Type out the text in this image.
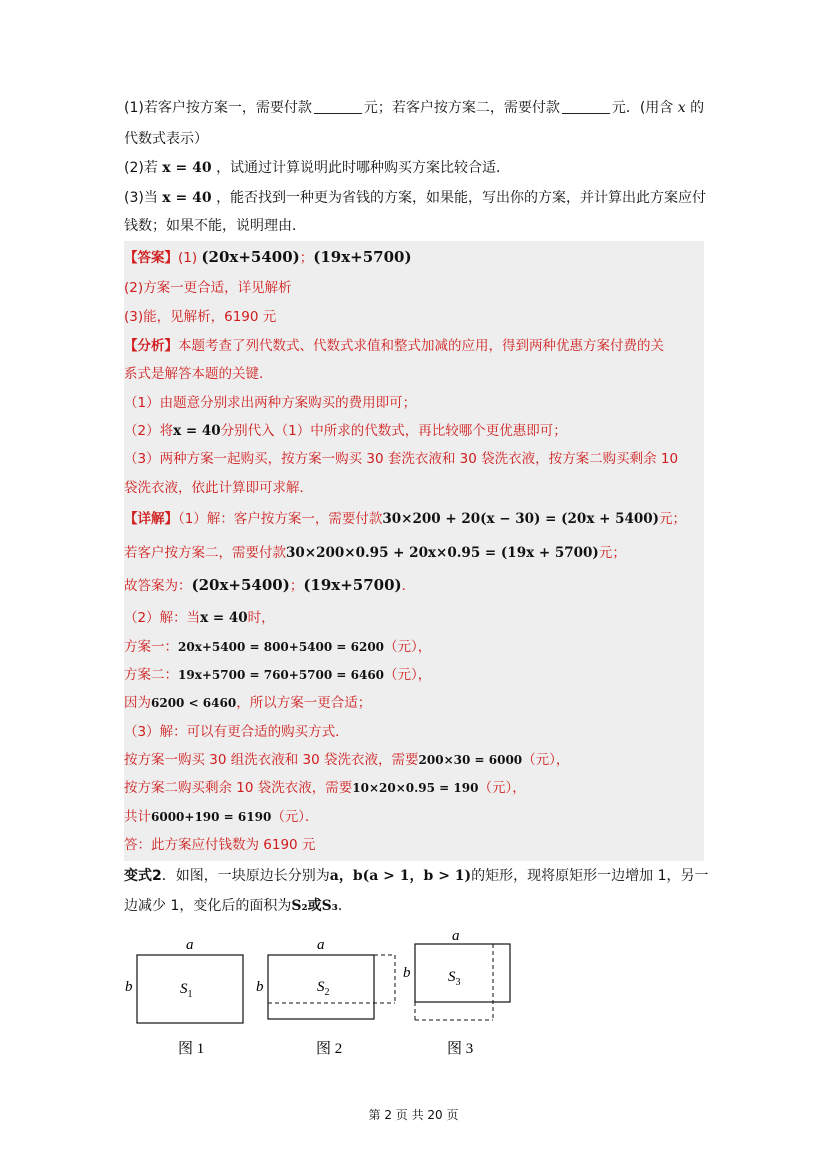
(1)若客户按方案一，需要付款	元；若客户按方案二，需要付款	元．(用含 x 的
代数式表示）
(2)若 x = 40 ，试通过计算说明此时哪种购买方案比较合适．
(3)当 x = 40 ，能否找到一种更为省钱的方案，如果能，写出你的方案，并计算出此方案应付
钱数；如果不能，说明理由．
【答案】(1) (20x+5400)；(19x+5700)
(2)方案一更合适，详见解析
(3)能，见解析，6190 元
【分析】本题考查了列代数式、代数式求值和整式加减的应用，得到两种优惠方案付费的关
系式是解答本题的关键．
（1）由题意分别求出两种方案购买的费用即可；
（2）将x = 40分别代入（1）中所求的代数式，再比较哪个更优惠即可；
（3）两种方案一起购买，按方案一购买 30 套洗衣液和 30 袋洗衣液，按方案二购买剩余 10
袋洗衣液，依此计算即可求解．
【详解】（1）解：客户按方案一，需要付款30×200 + 20(x − 30) = (20x + 5400)元；
若客户按方案二，需要付款30×200×0.95 + 20x×0.95 = (19x + 5700)元；
故答案为：(20x+5400)；(19x+5700)．
（2）解：当x = 40时，
方案一：20x+5400 = 800+5400 = 6200（元），
方案二：19x+5700 = 760+5700 = 6460（元），
因为6200 < 6460，所以方案一更合适；
（3）解：可以有更合适的购买方式．
按方案一购买 30 组洗衣液和 30 袋洗衣液，需要200×30 = 6000（元），
按方案二购买剩余 10 袋洗衣液，需要10×20×0.95 = 190（元），
共计6000+190 = 6190（元）．
答：此方案应付钱数为 6190 元
变式2．如图，一块原边长分别为a，b(a > 1，b > 1)的矩形，现将原矩形一边增加 1，另一
边减少 1，变化后的面积为S₂或S₃．
a
b	$S_1$
图 1
a
b	$S_2$
图 2
a
b	$S_3$
图 3
第 2 页 共 20 页
